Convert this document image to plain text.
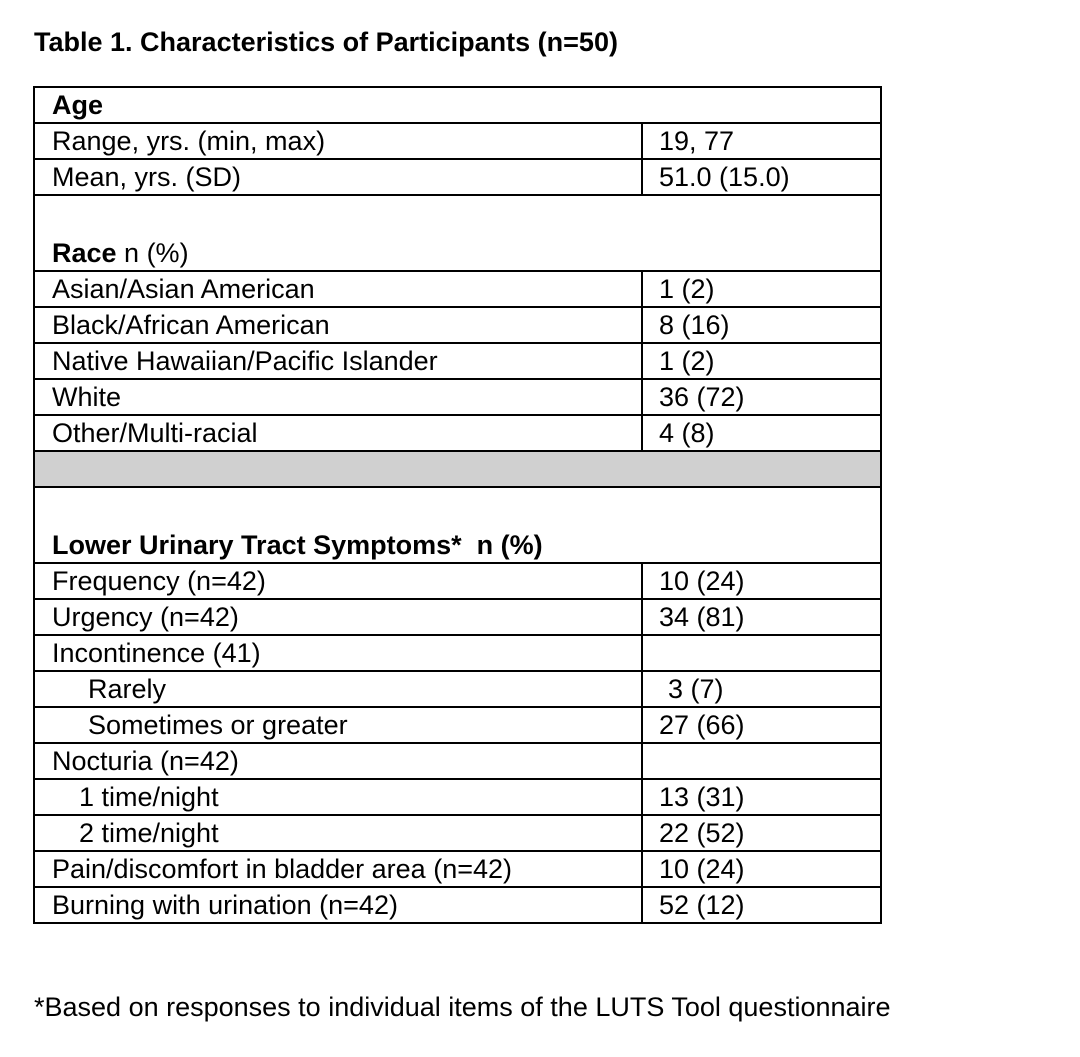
Table 1. Characteristics of Participants (n=50)
Age	
Range, yrs. (min, max)	19, 77
Mean, yrs. (SD)	51.0 (15.0)
Race n (%)	
Asian/Asian American	1 (2)
Black/African American	8 (16)
Native Hawaiian/Pacific Islander	1 (2)
White	36 (72)
Other/Multi-racial	4 (8)

Lower Urinary Tract Symptoms*  n (%)	
Frequency (n=42)	10 (24)
Urgency (n=42)	34 (81)
Incontinence (41)	
Rarely	3 (7)
Sometimes or greater	27 (66)
Nocturia (n=42)	
1 time/night	13 (31)
2 time/night	22 (52)
Pain/discomfort in bladder area (n=42)	10 (24)
Burning with urination (n=42)	52 (12)
*Based on responses to individual items of the LUTS Tool questionnaire
